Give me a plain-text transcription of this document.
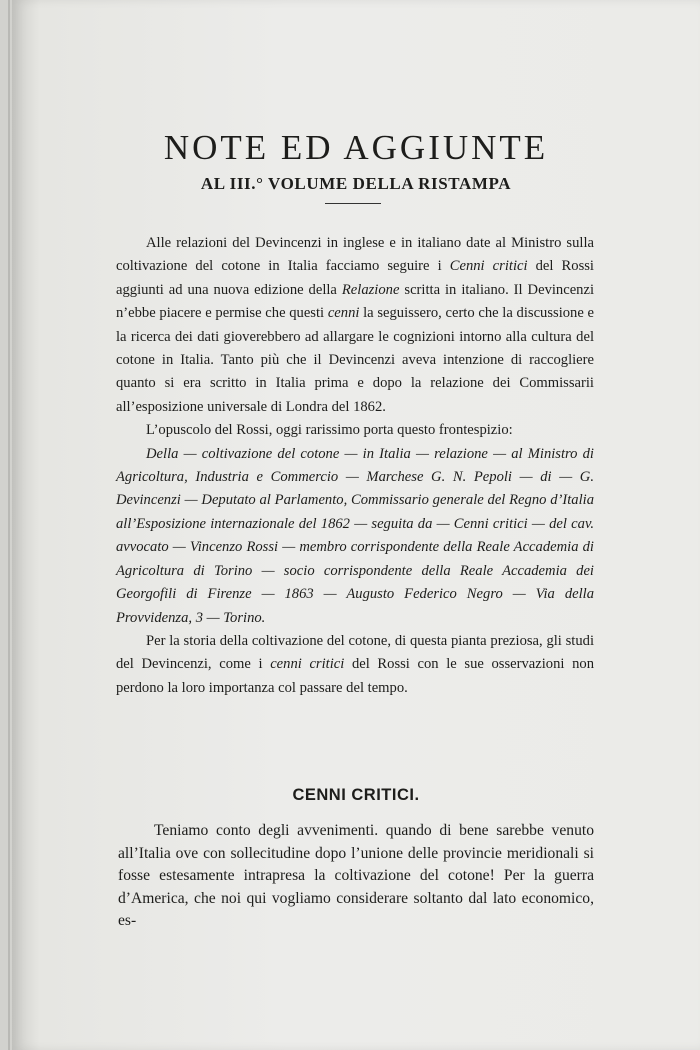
NOTE ED AGGIUNTE
AL III.° VOLUME DELLA RISTAMPA

Alle relazioni del Devincenzi in inglese e in italiano date al Ministro sulla coltivazione del cotone in Italia facciamo seguire i Cenni critici del Rossi aggiunti ad una nuova edizione della Relazione scritta in italiano. Il Devincenzi n’ebbe piacere e permise che questi cenni la seguissero, certo che la discussione e la ricerca dei dati gioverebbero ad allargare le cognizioni intorno alla cultura del cotone in Italia. Tanto più che il Devincenzi aveva intenzione di raccogliere quanto si era scritto in Italia prima e dopo la relazione dei Commissarii all’esposizione universale di Londra del 1862.

L’opuscolo del Rossi, oggi rarissimo porta questo frontespizio:

Della — coltivazione del cotone — in Italia — relazione — al Ministro di Agricoltura, Industria e Commercio — Marchese G. N. Pepoli — di — G. Devincenzi — Deputato al Parlamento, Commissario generale del Regno d’Italia all’Esposizione internazionale del 1862 — seguita da — Cenni critici — del cav. avvocato — Vincenzo Rossi — membro corrispondente della Reale Accademia di Agricoltura di Torino — socio corrispondente della Reale Accademia dei Georgofili di Firenze — 1863 — Augusto Federico Negro — Via della Provvidenza, 3 — Torino.

Per la storia della coltivazione del cotone, di questa pianta preziosa, gli studi del Devincenzi, come i cenni critici del Rossi con le sue osservazioni non perdono la loro importanza col passare del tempo.

CENNI CRITICI.

Teniamo conto degli avvenimenti. quando di bene sarebbe venuto all’Italia ove con sollecitudine dopo l’unione delle provincie meridionali si fosse estesamente intrapresa la coltivazione del cotone! Per la guerra d’America, che noi qui vogliamo considerare soltanto dal lato economico, es-
